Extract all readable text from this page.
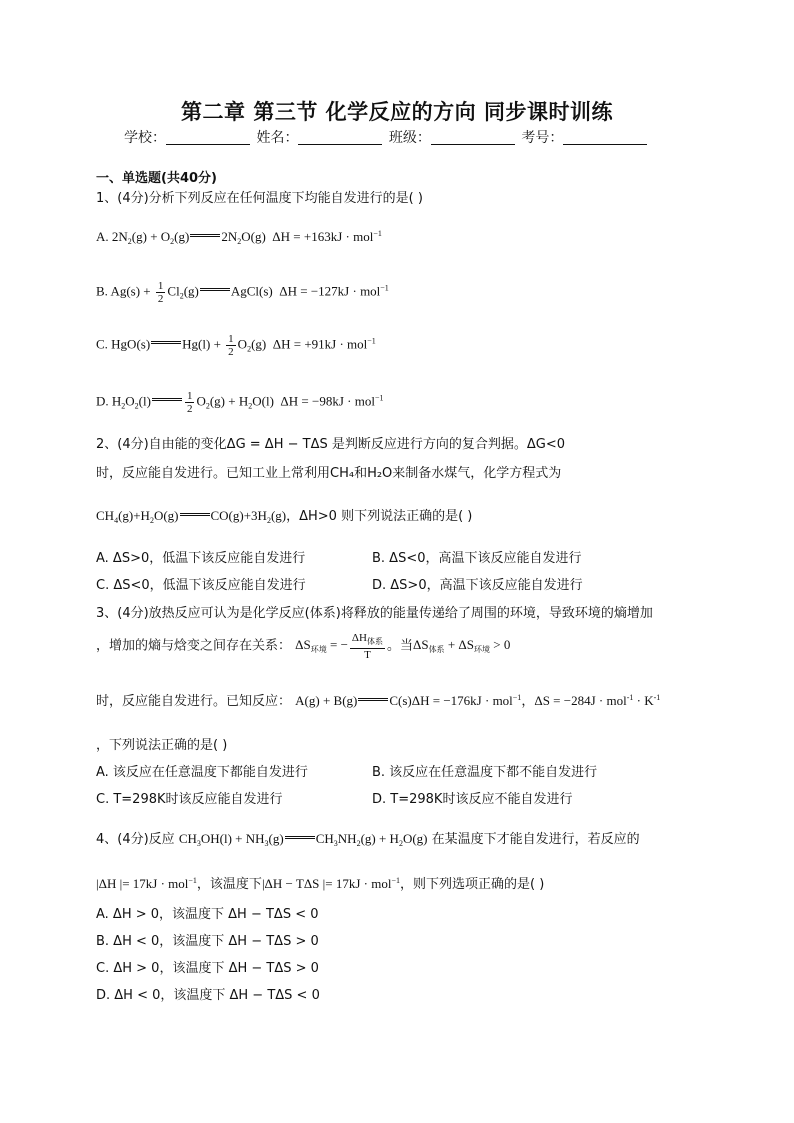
第二章 第三节 化学反应的方向 同步课时训练
学校：	姓名：	班级：	考号：
一、单选题(共40分)
1、(4分)分析下列反应在任何温度下均能自发进行的是( )
A. $2N_2(g) + O_2(g)$ $2N_2O(g) \Delta H = +163kJ \cdot mol^{-1}$
B. $Ag(s) + \frac{1}{2} Cl_2(g)$ AgCl(s)  ΔH = −127kJ · mol$^{-1}$
C. HgO(s) $Hg(l) + \frac{1}{2} O_2(g) \Delta H = +91kJ \cdot mol^{-1}$
D. $H_2O_2(l)$	$\frac{1}{2} O_2(g) + H_2O(l) \Delta H = -98kJ \cdot mol^{-1}$
2、(4分)自由能的变化ΔG = ΔH − TΔS 是判断反应进行方向的复合判据。ΔG<0
时，反应能自发进行。已知工业上常利用CH₄和H₂O来制备水煤气，化学方程式为
$CH_4(g)+H_2O(g)$ $CO(g)+3H_2(g)$，ΔH>0 则下列说法正确的是( )
A. ΔS>0，低温下该反应能自发进行	B. ΔS<0，高温下该反应能自发进行
C. ΔS<0，低温下该反应能自发进行	D. ΔS>0，高温下该反应能自发进行
3、(4分)放热反应可认为是化学反应(体系)将释放的能量传递给了周围的环境，导致环境的熵增加
，增加的熵与焓变之间存在关系： $\Delta S_{环境}$ = − $\frac{\Delta H_{体系}}{T}$ 。当$\Delta S_{体系} + \Delta S_{环境} > 0$
时，反应能自发进行。已知反应： A(g) + B(g) C(s)ΔH = −176kJ · mol$^{-1}$，$\Delta S = -284J \cdot mol^{-1} \cdot K^{-1}$
，下列说法正确的是( )
A. 该反应在任意温度下都能自发进行	B. 该反应在任意温度下都不能自发进行
C. T=298K时该反应能自发进行	D. T=298K时该反应不能自发进行
4、(4分)反应 $CH_3OH(l) + NH_3(g) CH_3NH_2(g) + H_2O(g)$ 在某温度下才能自发进行，若反应的
|ΔH |= 17kJ · mol$^{-1}$，该温度下|ΔH − TΔS |= 17kJ · mol$^{-1}$，则下列选项正确的是( )
A. ΔH > 0，该温度下 ΔH − TΔS < 0
B. ΔH < 0，该温度下 ΔH − TΔS > 0
C. ΔH > 0，该温度下 ΔH − TΔS > 0
D. ΔH < 0，该温度下 ΔH − TΔS < 0
